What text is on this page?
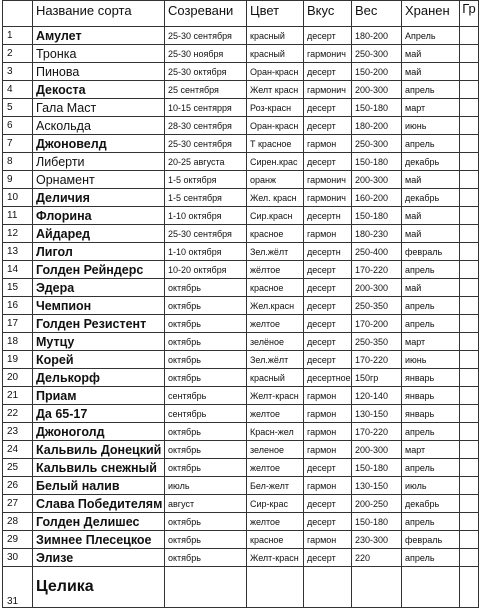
	Название сорта	Созревани	Цвет	Вкус	Вес	Хранен	Гр
1	Амулет	25-30 сентября	красный	десерт	180-200	Апрель	
2	Тронка	25-30 ноября	красный	гармонич	250-300	май	
3	Пинова	25-30 октября	Оран-красн	десерт	150-200	май	
4	Декоста	25 сентября	Желт красн	гармонич	200-300	апрель	
5	Гала Маст	10-15 сентярря	Роз-красн	десерт	150-180	март	
6	Аскольда	28-30 сентября	Оран-красн	десерт	180-200	июнь	
7	Джоновелд	25-30 сентября	Т красное	гармон	250-300	апрель	
8	Либерти	20-25 августа	Сирен.крас	десерт	150-180	декабрь	
9	Орнамент	1-5 октября	оранж	гармонич	200-300	май	
10	Деличия	1-5 сентября	Жел. красн	гармонич	160-200	декабрь	
11	Флорина	1-10 октября	Сир.красн	десертн	150-180	май	
12	Айдаред	25-30 сентября	красное	гармон	180-230	май	
13	Лигол	1-10 октября	Зел.жёлт	десертн	250-400	февраль	
14	Голден Рейндерс	10-20 октября	жёлтое	десерт	170-220	апрель	
15	Эдера	октябрь	красное	десерт	200-300	май	
16	Чемпион	октябрь	Жел.красн	десерт	250-350	апрель	
17	Голден Резистент	октябрь	желтое	десерт	170-200	апрель	
18	Мутцу	октябрь	зелёное	десерт	250-350	март	
19	Корей	октябрь	Зел.жёлт	десерт	170-220	июнь	
20	Делькорф	октябрь	красный	десертное	150гр	январь	
21	Приам	сентябрь	Желт-красн	гармон	120-140	январь	
22	Да 65-17	сентябрь	желтое	гармон	130-150	январь	
23	Джоноголд	октябрь	Красн-жел	гармон	170-220	апрель	
24	Кальвиль Донецкий	октябрь	зеленое	гармон	200-300	март	
25	Кальвиль снежный	октябрь	желтое	десерт	150-180	апрель	
26	Белый налив	июль	Бел-желт	гармон	130-150	июль	
27	Слава Победителям	август	Сир-крас	десерт	200-250	декабрь	
28	Голден Делишес	октябрь	желтое	десерт	150-180	апрель	
29	Зимнее Плесецкое	октябрь	красное	гармон	230-300	февраль	
30	Элизе	октябрь	Желт-красн	десерт	220	апрель	
31	Целика						
